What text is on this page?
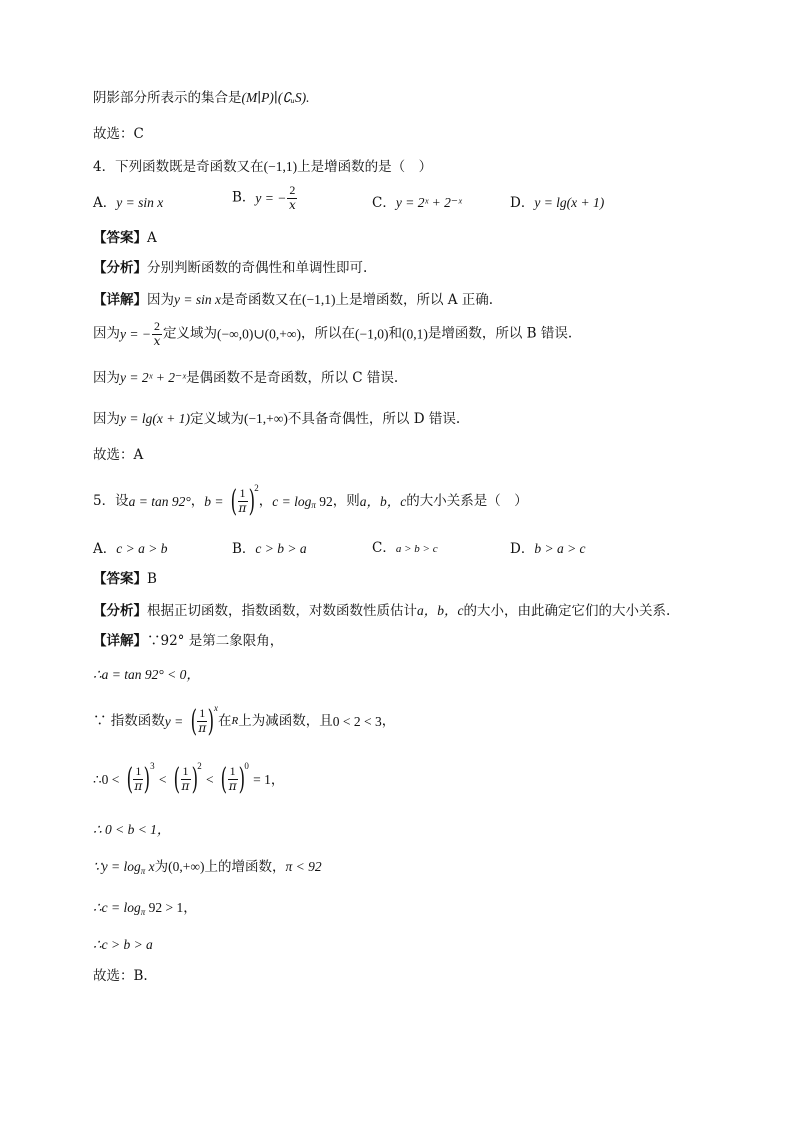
阴影部分所表示的集合是(M∣P)∣(∁ᵤS).
故选：C
4．下列函数既是奇函数又在(−1,1)上是增函数的是（　）
A．y = sin x	B．y = − $\frac{2}{x}$	C．y = 2ˣ + 2⁻ˣ	D．y = lg(x + 1)
【答案】A
【分析】分别判断函数的奇偶性和单调性即可.
【详解】因为y = sin x是奇函数又在(−1,1)上是增函数，所以 A 正确.
因为y = − $\frac{2}{x}$ 定义域为(−∞,0)∪(0,+∞)，所以在(−1,0)和(0,1)是增函数，所以 B 错误.
因为y = 2ˣ + 2⁻ˣ是偶函数不是奇函数，所以 C 错误.
因为y = lg(x + 1)定义域为(−1,+∞)不具备奇偶性，所以 D 错误.
故选：A
5．设a = tan 92°，b = ( $\frac{1}{\pi} )^2$，$c = \log_\pi 92$，则a，b，c的大小关系是（　）
A．c > a > b	B．c > b > a	C．a > b > c	D．b > a > c
【答案】B
【分析】根据正切函数，指数函数，对数函数性质估计a，b，c的大小，由此确定它们的大小关系.
【详解】∵92° 是第二象限角，
∴a = tan 92° < 0，
∵ 指数函数y = ( $\frac{1}{\pi} )^x$在R上为减函数，且0 < 2 < 3，
∴0 < ( $\frac{1}{\pi} )^3$ < ( $\frac{1}{\pi} )^2$ < ( $\frac{1}{\pi} )^0 = 1$，
∴ 0 < b < 1，
∵y = $\log_\pi x$为(0,+∞)上的增函数，π < 92
∴c = $\log_\pi 92 > 1$，
∴c > b > a
故选：B.
